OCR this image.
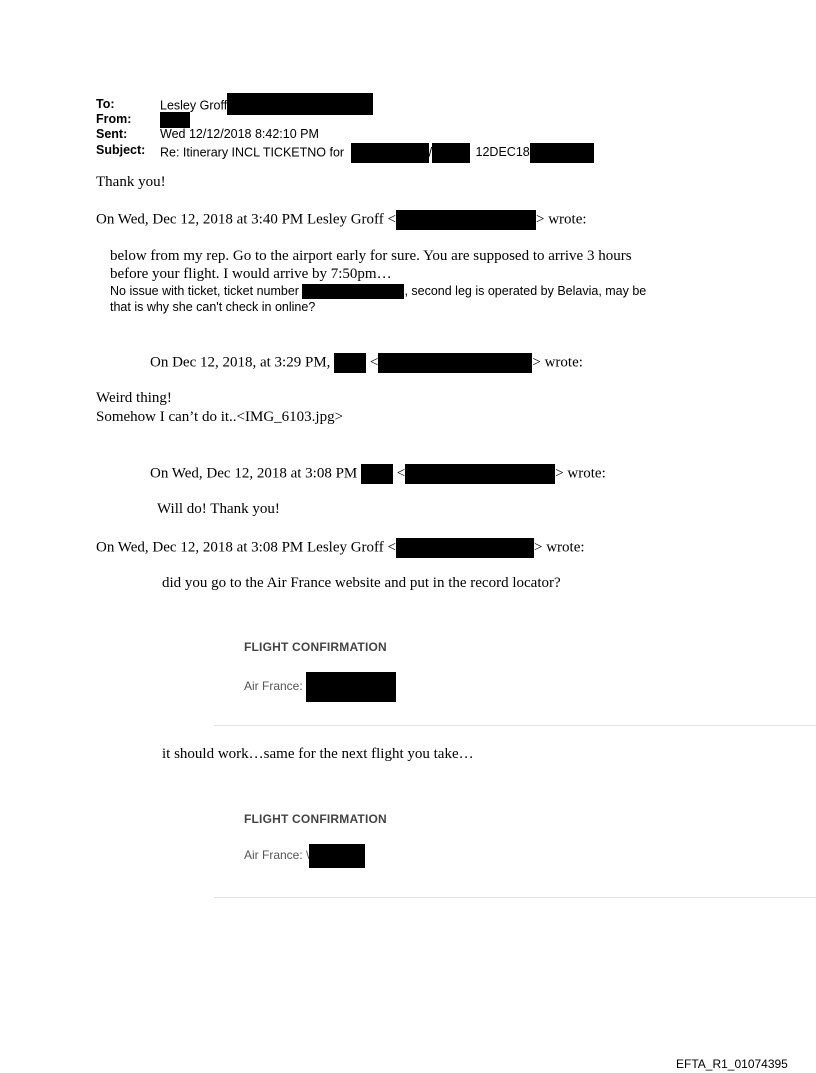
To:	Lesley Groff
From:
Sent:	Wed 12/12/2018 8:42:10 PM
Subject: Re: Itinerary INCL TICKETNO for	/	12DEC18
Thank you!
On Wed, Dec 12, 2018 at 3:40 PM Lesley Groff <	> wrote:
below from my rep. Go to the airport early for sure. You are supposed to arrive 3 hours
before your flight. I would arrive by 7:50pm…
No issue with ticket, ticket number	, second leg is operated by Belavia, may be
that is why she can't check in online?
On Dec 12, 2018, at 3:29 PM,	<	> wrote:
Weird thing!
Somehow I can’t do it..<IMG_6103.jpg>
On Wed, Dec 12, 2018 at 3:08 PM	<	> wrote:
Will do! Thank you!
On Wed, Dec 12, 2018 at 3:08 PM Lesley Groff <	> wrote:
did you go to the Air France website and put in the record locator?
FLIGHT CONFIRMATION
Air France:
it should work…same for the next flight you take…
FLIGHT CONFIRMATION
Air France: \
EFTA_R1_01074395
